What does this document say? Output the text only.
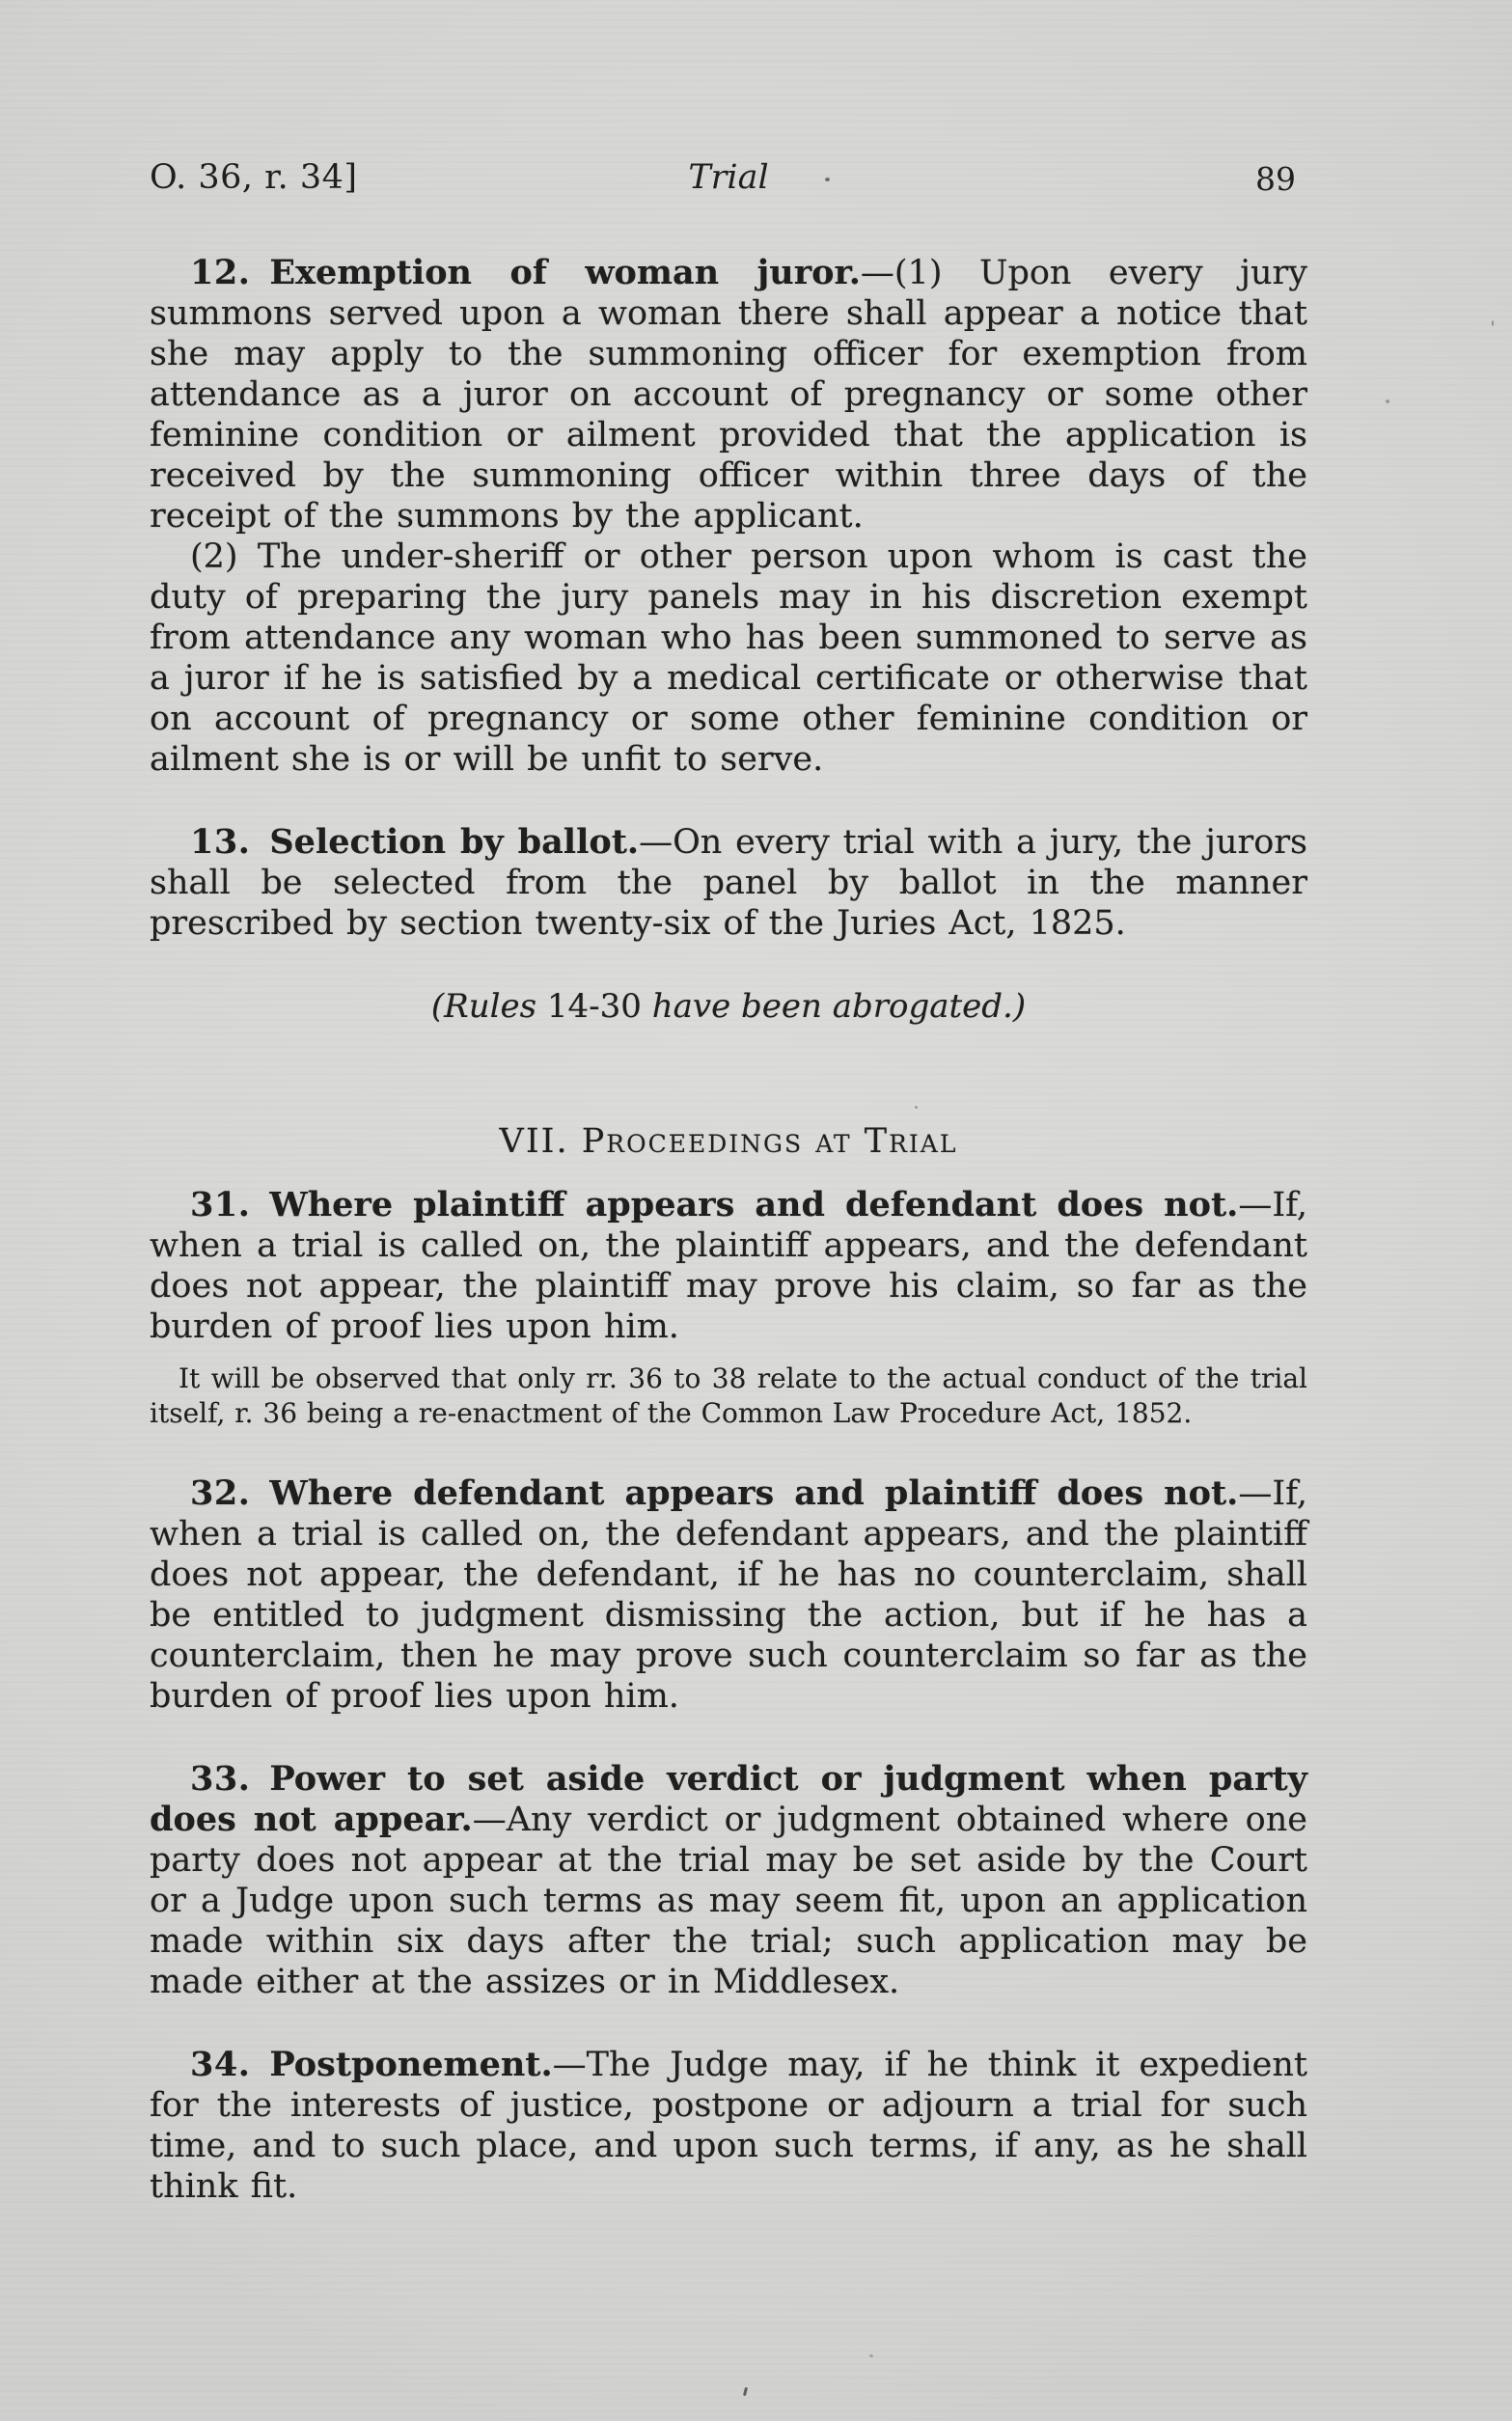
O. 36, r. 34]	Trial	89

12. Exemption of woman juror.—(1) Upon every jury summons served upon a woman there shall appear a notice that she may apply to the summoning officer for exemption from attendance as a juror on account of pregnancy or some other feminine condition or ailment provided that the application is received by the summoning officer within three days of the receipt of the summons by the applicant.

(2) The under-sheriff or other person upon whom is cast the duty of preparing the jury panels may in his discretion exempt from attendance any woman who has been summoned to serve as a juror if he is satisfied by a medical certificate or otherwise that on account of pregnancy or some other feminine condition or ailment she is or will be unfit to serve.

13. Selection by ballot.—On every trial with a jury, the jurors shall be selected from the panel by ballot in the manner prescribed by section twenty-six of the Juries Act, 1825.

(Rules 14-30 have been abrogated.)

VII. Proceedings at Trial

31. Where plaintiff appears and defendant does not.—If, when a trial is called on, the plaintiff appears, and the defendant does not appear, the plaintiff may prove his claim, so far as the burden of proof lies upon him.

It will be observed that only rr. 36 to 38 relate to the actual conduct of the trial itself, r. 36 being a re-enactment of the Common Law Procedure Act, 1852.

32. Where defendant appears and plaintiff does not.—If, when a trial is called on, the defendant appears, and the plaintiff does not appear, the defendant, if he has no counterclaim, shall be entitled to judgment dismissing the action, but if he has a counterclaim, then he may prove such counterclaim so far as the burden of proof lies upon him.

33. Power to set aside verdict or judgment when party does not appear.—Any verdict or judgment obtained where one party does not appear at the trial may be set aside by the Court or a Judge upon such terms as may seem fit, upon an application made within six days after the trial; such application may be made either at the assizes or in Middlesex.

34. Postponement.—The Judge may, if he think it expedient for the interests of justice, postpone or adjourn a trial for such time, and to such place, and upon such terms, if any, as he shall think fit.
